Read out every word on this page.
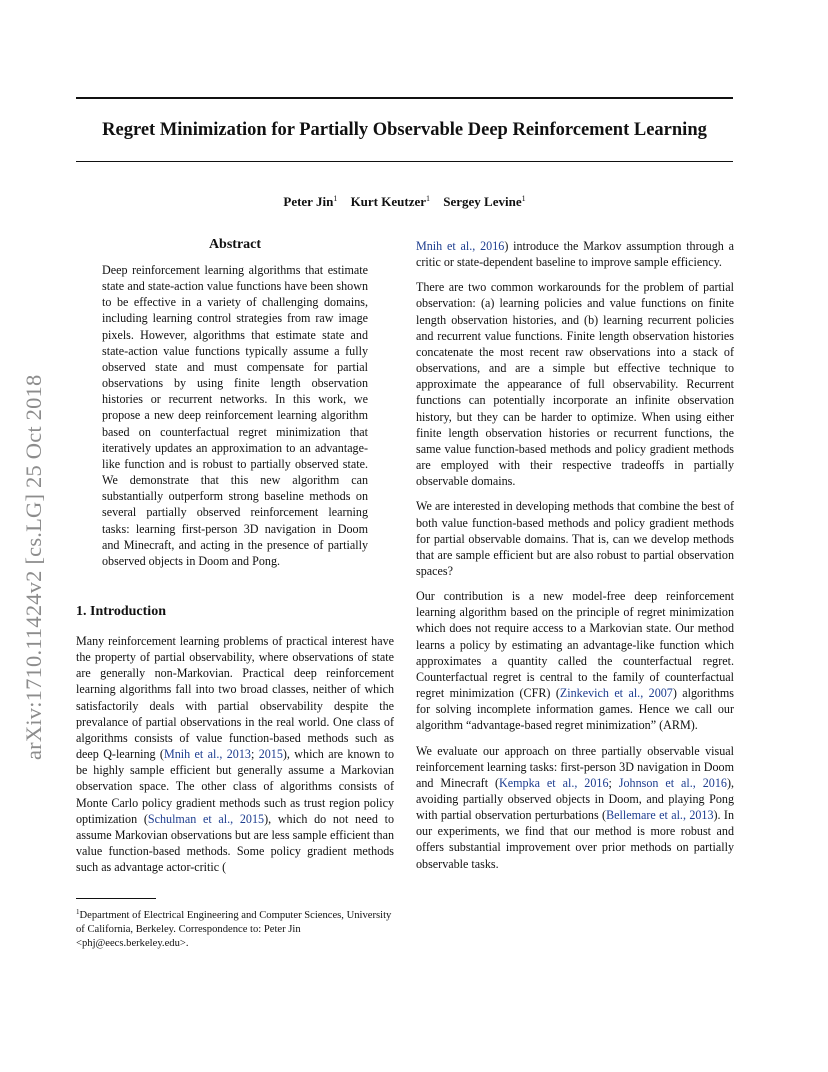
Regret Minimization for Partially Observable Deep Reinforcement Learning
Peter Jin$^1$ Kurt Keutzer$^1$ Sergey Levine$^1$
arXiv:1710.11424v2 [cs.LG] 25 Oct 2018
Abstract

Deep reinforcement learning algorithms that estimate state and state-action value functions have been shown to be effective in a variety of challenging domains, including learning control strategies from raw image pixels. However, algorithms that estimate state and state-action value functions typically assume a fully observed state and must compensate for partial observations by using finite length observation histories or recurrent networks. In this work, we propose a new deep reinforcement learning algorithm based on counterfactual regret minimization that iteratively updates an approximation to an advantage-like function and is robust to partially observed state. We demonstrate that this new algorithm can substantially outperform strong baseline methods on several partially observed reinforcement learning tasks: learning first-person 3D navigation in Doom and Minecraft, and acting in the presence of partially observed objects in Doom and Pong.

1. Introduction

Many reinforcement learning problems of practical interest have the property of partial observability, where observations of state are generally non-Markovian. Practical deep reinforcement learning algorithms fall into two broad classes, neither of which satisfactorily deals with partial observability despite the prevalance of partial observations in the real world. One class of algorithms consists of value function-based methods such as deep Q-learning (Mnih et al., 2013; 2015), which are known to be highly sample efficient but generally assume a Markovian observation space. The other class of algorithms consists of Monte Carlo policy gradient methods such as trust region policy optimization (Schulman et al., 2015), which do not need to assume Markovian observations but are less sample efficient than value function-based methods. Some policy gradient methods such as advantage actor-critic (

$^1$Department of Electrical Engineering and Computer Sciences, University of California, Berkeley. Correspondence to: Peter Jin <phj@eecs.berkeley.edu>.

Mnih et al., 2016) introduce the Markov assumption through a critic or state-dependent baseline to improve sample efficiency.

There are two common workarounds for the problem of partial observation: (a) learning policies and value functions on finite length observation histories, and (b) learning recurrent policies and recurrent value functions. Finite length observation histories concatenate the most recent raw observations into a stack of observations, and are a simple but effective technique to approximate the appearance of full observability. Recurrent functions can potentially incorporate an infinite observation history, but they can be harder to optimize. When using either finite length observation histories or recurrent functions, the same value function-based methods and policy gradient methods are employed with their respective tradeoffs in partially observable domains.

We are interested in developing methods that combine the best of both value function-based methods and policy gradient methods for partial observable domains. That is, can we develop methods that are sample efficient but are also robust to partial observation spaces?

Our contribution is a new model-free deep reinforcement learning algorithm based on the principle of regret minimization which does not require access to a Markovian state. Our method learns a policy by estimating an advantage-like function which approximates a quantity called the counterfactual regret. Counterfactual regret is central to the family of counterfactual regret minimization (CFR) (Zinkevich et al., 2007) algorithms for solving incomplete information games. Hence we call our algorithm “advantage-based regret minimization” (ARM).

We evaluate our approach on three partially observable visual reinforcement learning tasks: first-person 3D navigation in Doom and Minecraft (Kempka et al., 2016; Johnson et al., 2016), avoiding partially observed objects in Doom, and playing Pong with partial observation perturbations (Bellemare et al., 2013). In our experiments, we find that our method is more robust and offers substantial improvement over prior methods on partially observable tasks.
